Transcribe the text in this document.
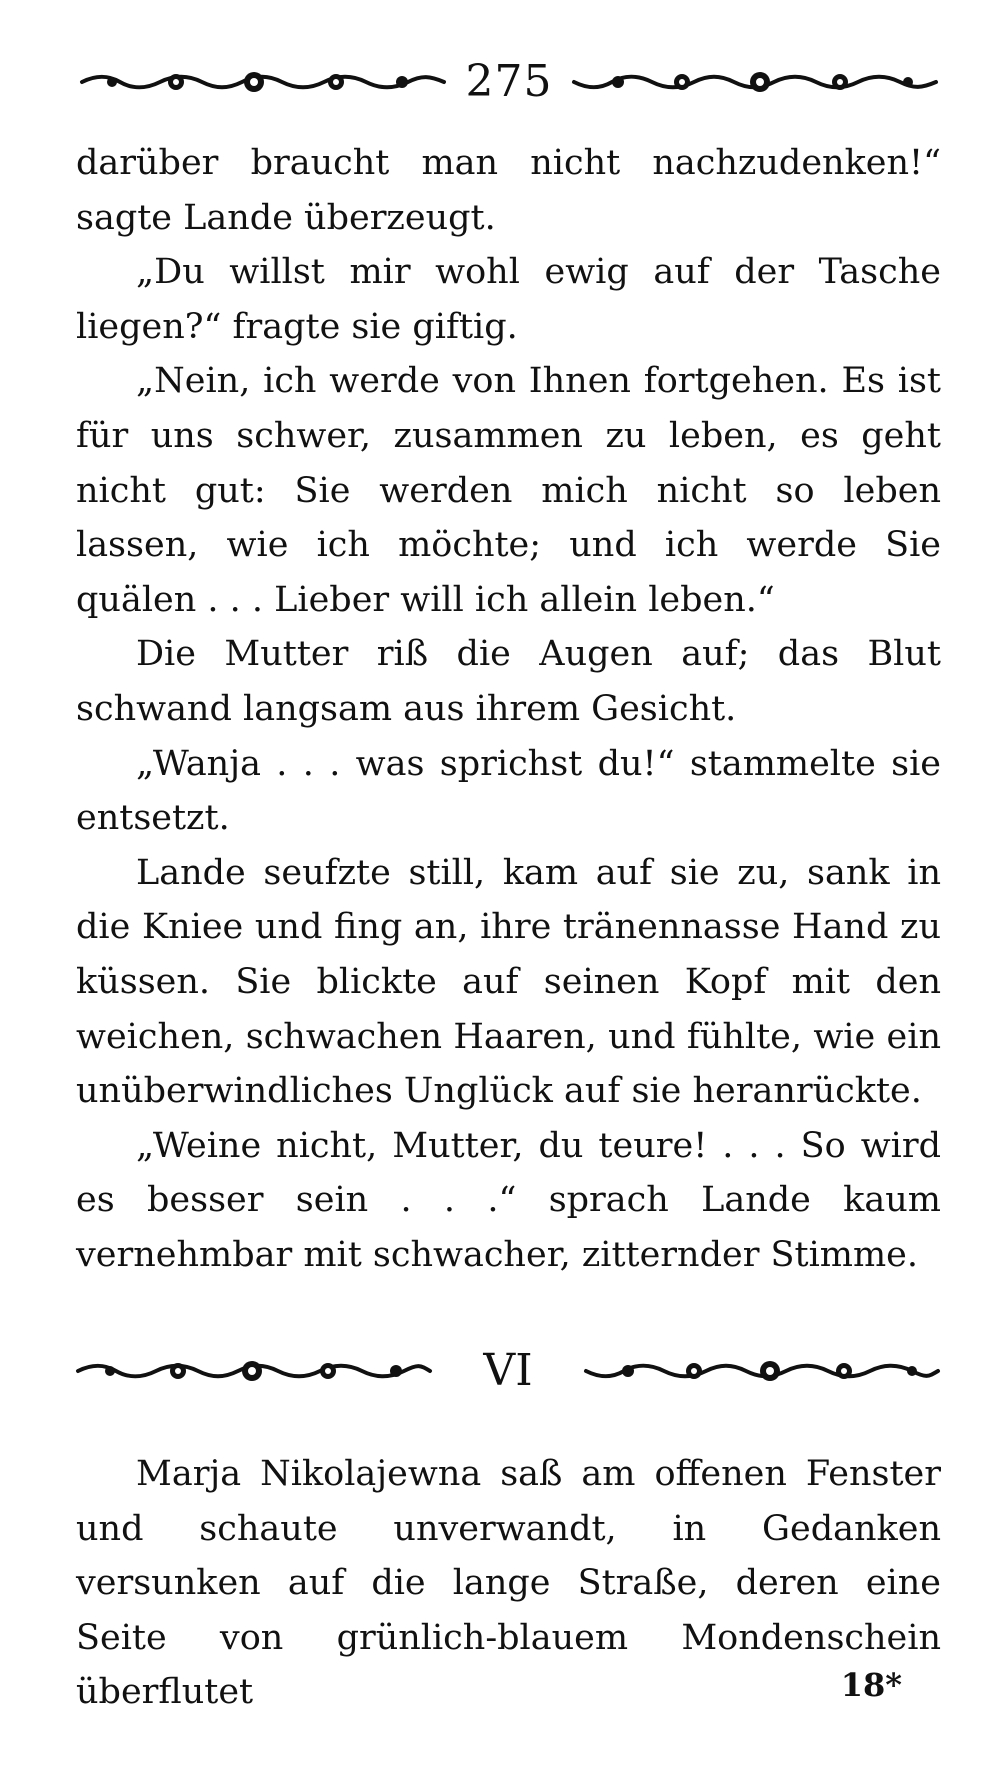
275

darüber braucht man nicht nachzudenken!“ sagte Lande überzeugt.

„Du willst mir wohl ewig auf der Tasche liegen?“ fragte sie giftig.

„Nein, ich werde von Ihnen fortgehen. Es ist für uns schwer, zusammen zu leben, es geht nicht gut: Sie werden mich nicht so leben lassen, wie ich möchte; und ich werde Sie quälen . . . Lieber will ich allein leben.“

Die Mutter riß die Augen auf; das Blut schwand langsam aus ihrem Gesicht.

„Wanja . . . was sprichst du!“ stammelte sie entsetzt.

Lande seufzte still, kam auf sie zu, sank in die Kniee und fing an, ihre tränennasse Hand zu küssen. Sie blickte auf seinen Kopf mit den weichen, schwachen Haaren, und fühlte, wie ein unüberwindliches Unglück auf sie heranrückte.

„Weine nicht, Mutter, du teure! . . . So wird es besser sein . . .“ sprach Lande kaum vernehmbar mit schwacher, zitternder Stimme.

VI

Marja Nikolajewna saß am offenen Fenster und schaute unverwandt, in Gedanken versunken auf die lange Straße, deren eine Seite von grünlich-blauem Mondenschein überflutet	18*
